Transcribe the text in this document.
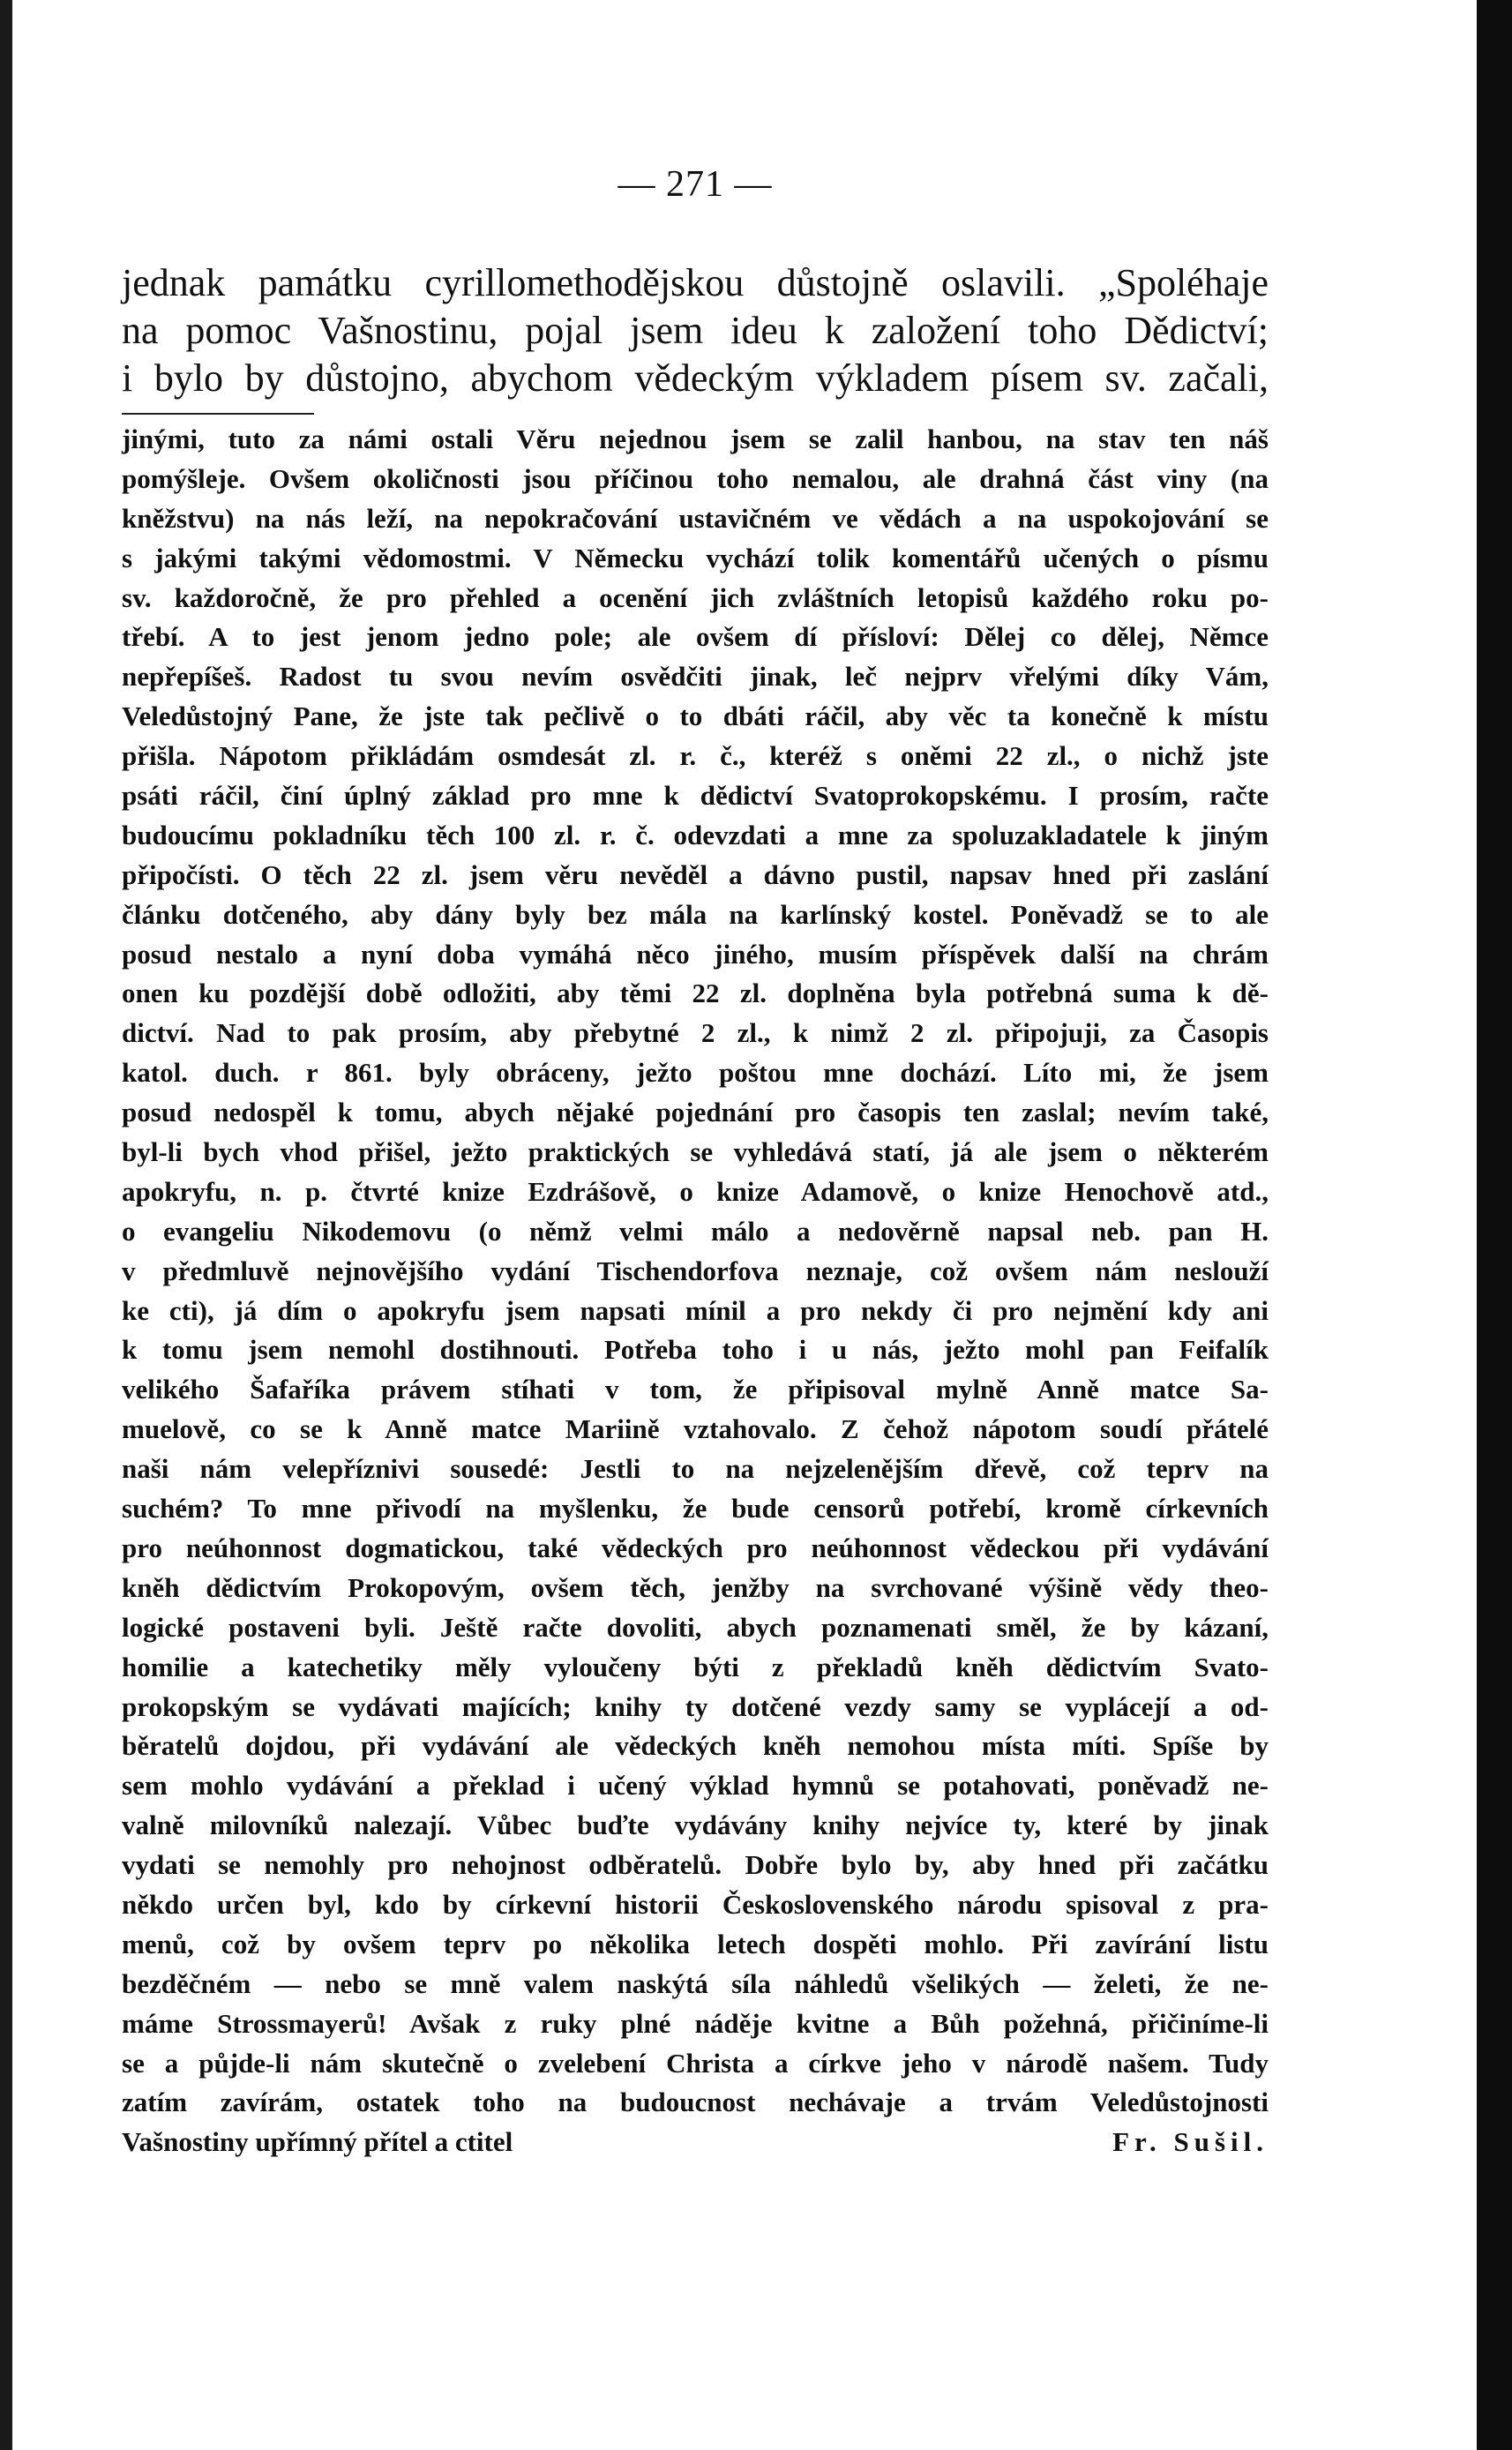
— 271 —
jednak památku cyrillomethodějskou důstojně oslavili. „Spoléhaje
na pomoc Vašnostinu, pojal jsem ideu k založení toho Dědictví;
i bylo by důstojno, abychom vědeckým výkladem písem sv. začali,
jinými, tuto za námi ostali Věru nejednou jsem se zalil hanbou, na stav ten náš
pomýšleje. Ovšem okoličnosti jsou příčinou toho nemalou, ale drahná část viny (na
kněžstvu) na nás leží, na nepokračování ustavičném ve vědách a na uspokojování se
s jakými takými vědomostmi. V Německu vychází tolik komentářů učených o písmu
sv. každoročně, že pro přehled a ocenění jich zvláštních letopisů každého roku po-
třebí. A to jest jenom jedno pole; ale ovšem dí přísloví: Dělej co dělej, Němce
nepřepíšeš. Radost tu svou nevím osvědčiti jinak, leč nejprv vřelými díky Vám,
Veledůstojný Pane, že jste tak pečlivě o to dbáti ráčil, aby věc ta konečně k místu
přišla. Nápotom přikládám osmdesát zl. r. č., kteréž s oněmi 22 zl., o nichž jste
psáti ráčil, činí úplný základ pro mne k dědictví Svatoprokopskému. I prosím, račte
budoucímu pokladníku těch 100 zl. r. č. odevzdati a mne za spoluzakladatele k jiným
připočísti. O těch 22 zl. jsem věru nevěděl a dávno pustil, napsav hned při zaslání
článku dotčeného, aby dány byly bez mála na karlínský kostel. Poněvadž se to ale
posud nestalo a nyní doba vymáhá něco jiného, musím příspěvek další na chrám
onen ku pozdější době odložiti, aby těmi 22 zl. doplněna byla potřebná suma k dě-
dictví. Nad to pak prosím, aby přebytné 2 zl., k nimž 2 zl. připojuji, za Časopis
katol. duch. r 861. byly obráceny, ježto poštou mne dochází. Líto mi, že jsem
posud nedospěl k tomu, abych nějaké pojednání pro časopis ten zaslal; nevím také,
byl-li bych vhod přišel, ježto praktických se vyhledává statí, já ale jsem o některém
apokryfu, n. p. čtvrté knize Ezdrášově, o knize Adamově, o knize Henochově atd.,
o evangeliu Nikodemovu (o němž velmi málo a nedověrně napsal neb. pan H.
v předmluvě nejnovějšího vydání Tischendorfova neznaje, což ovšem nám neslouží
ke cti), já dím o apokryfu jsem napsati mínil a pro nekdy či pro nejmění kdy ani
k tomu jsem nemohl dostihnouti. Potřeba toho i u nás, ježto mohl pan Feifalík
velikého Šafaříka právem stíhati v tom, že připisoval mylně Anně matce Sa-
muelově, co se k Anně matce Mariině vztahovalo. Z čehož nápotom soudí přátelé
naši nám velepříznivi sousedé: Jestli to na nejzelenějším dřevě, což teprv na
suchém? To mne přivodí na myšlenku, že bude censorů potřebí, kromě církevních
pro neúhonnost dogmatickou, také vědeckých pro neúhonnost vědeckou při vydávání
kněh dědictvím Prokopovým, ovšem těch, jenžby na svrchované výšině vědy theo-
logické postaveni byli. Ještě račte dovoliti, abych poznamenati směl, že by kázaní,
homilie a katechetiky měly vyloučeny býti z překladů kněh dědictvím Svato-
prokopským se vydávati majících; knihy ty dotčené vezdy samy se vyplácejí a od-
běratelů dojdou, při vydávání ale vědeckých kněh nemohou místa míti. Spíše by
sem mohlo vydávání a překlad i učený výklad hymnů se potahovati, poněvadž ne-
valně milovníků nalezají. Vůbec buďte vydávány knihy nejvíce ty, které by jinak
vydati se nemohly pro nehojnost odběratelů. Dobře bylo by, aby hned při začátku
někdo určen byl, kdo by církevní historii Československého národu spisoval z pra-
menů, což by ovšem teprv po několika letech dospěti mohlo. Při zavírání listu
bezděčném — nebo se mně valem naskýtá síla náhledů všelikých — želeti, že ne-
máme Strossmayerů! Avšak z ruky plné náděje kvitne a Bůh požehná, přičiníme-li
se a půjde-li nám skutečně o zvelebení Christa a církve jeho v národě našem. Tudy
zatím zavírám, ostatek toho na budoucnost nechávaje a trvám Veledůstojnosti
Vašnostiny upřímný přítel a ctitel	Fr. Sušil.
